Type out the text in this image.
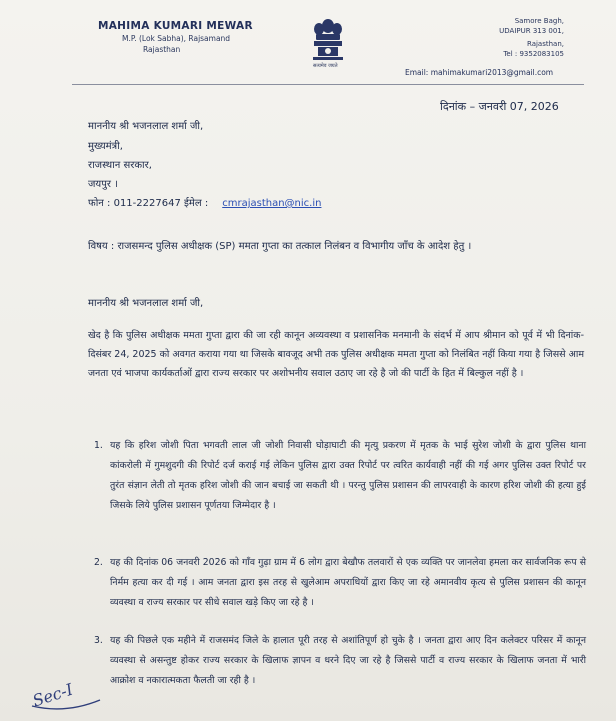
MAHIMA KUMARI MEWAR
M.P. (Lok Sabha), Rajsamand
Rajasthan
सत्यमेव जयते
Samore Bagh,
UDAIPUR 313 001,
Rajasthan,
Tel : 9352083105
Email: mahimakumari2013@gmail.com
दिनांक – जनवरी 07, 2026
माननीय श्री भजनलाल शर्मा जी,
मुख्यमंत्री,
राजस्थान सरकार,
जयपुर ।
फोन : 011-2227647 ईमेल : cmrajasthan@nic.in
विषय : राजसमन्द पुलिस अधीक्षक (SP) ममता गुप्ता का तत्काल निलंबन व विभागीय जाँच के आदेश हेतु ।
माननीय श्री भजनलाल शर्मा जी,
खेद है कि पुलिस अधीक्षक ममता गुप्ता द्वारा की जा रही कानून अव्यवस्था व प्रशासनिक मनमानी के संदर्भ में आप श्रीमान को पूर्व में भी दिनांक- दिसंबर 24, 2025 को अवगत कराया गया था जिसके बावजूद अभी तक पुलिस अधीक्षक ममता गुप्ता को निलंबित नहीं किया गया है जिससे आम जनता एवं भाजपा कार्यकर्ताओं द्वारा राज्य सरकार पर अशोभनीय सवाल उठाए जा रहे है जो की पार्टी के हित में बिल्कुल नहीं है ।
1. यह कि हरिश जोशी पिता भगवती लाल जी जोशी निवासी घोड़ाघाटी की मृत्यु प्रकरण में मृतक के भाई सुरेश जोशी के द्वारा पुलिस थाना कांकरोली में गुमशुदगी की रिपोर्ट दर्ज कराई गई लेकिन पुलिस द्वारा उक्त रिपोर्ट पर त्वरित कार्यवाही नहीं की गई अगर पुलिस उक्त रिपोर्ट पर तुरंत संज्ञान लेती तो मृतक हरिश जोशी की जान बचाई जा सकती थी । परन्तु पुलिस प्रशासन की लापरवाही के कारण हरिश जोशी की हत्या हुई जिसके लिये पुलिस प्रशासन पूर्णतया जिम्मेदार है ।
2. यह की दिनांक 06 जनवरी 2026 को गाँव गुढ़ा ग्राम में 6 लोग द्वारा बेखौफ तलवारों से एक व्यक्ति पर जानलेवा हमला कर सार्वजनिक रूप से निर्मम हत्या कर दी गई । आम जनता द्वारा इस तरह से खुलेआम अपराधियों द्वारा किए जा रहे अमानवीय कृत्य से पुलिस प्रशासन की कानून व्यवस्था व राज्य सरकार पर सीधे सवाल खड़े किए जा रहे है ।
3. यह की पिछले एक महीने में राजसमंद जिले के हालात पूरी तरह से अशांतिपूर्ण हो चुके है । जनता द्वारा आए दिन कलेक्टर परिसर में कानून व्यवस्था से असन्तुष्ट होकर राज्य सरकार के खिलाफ ज्ञापन व धरने दिए जा रहे है जिससे पार्टी व राज्य सरकार के खिलाफ जनता में भारी आक्रोश व नकारात्मकता फैलती जा रही है ।
Sec-I
